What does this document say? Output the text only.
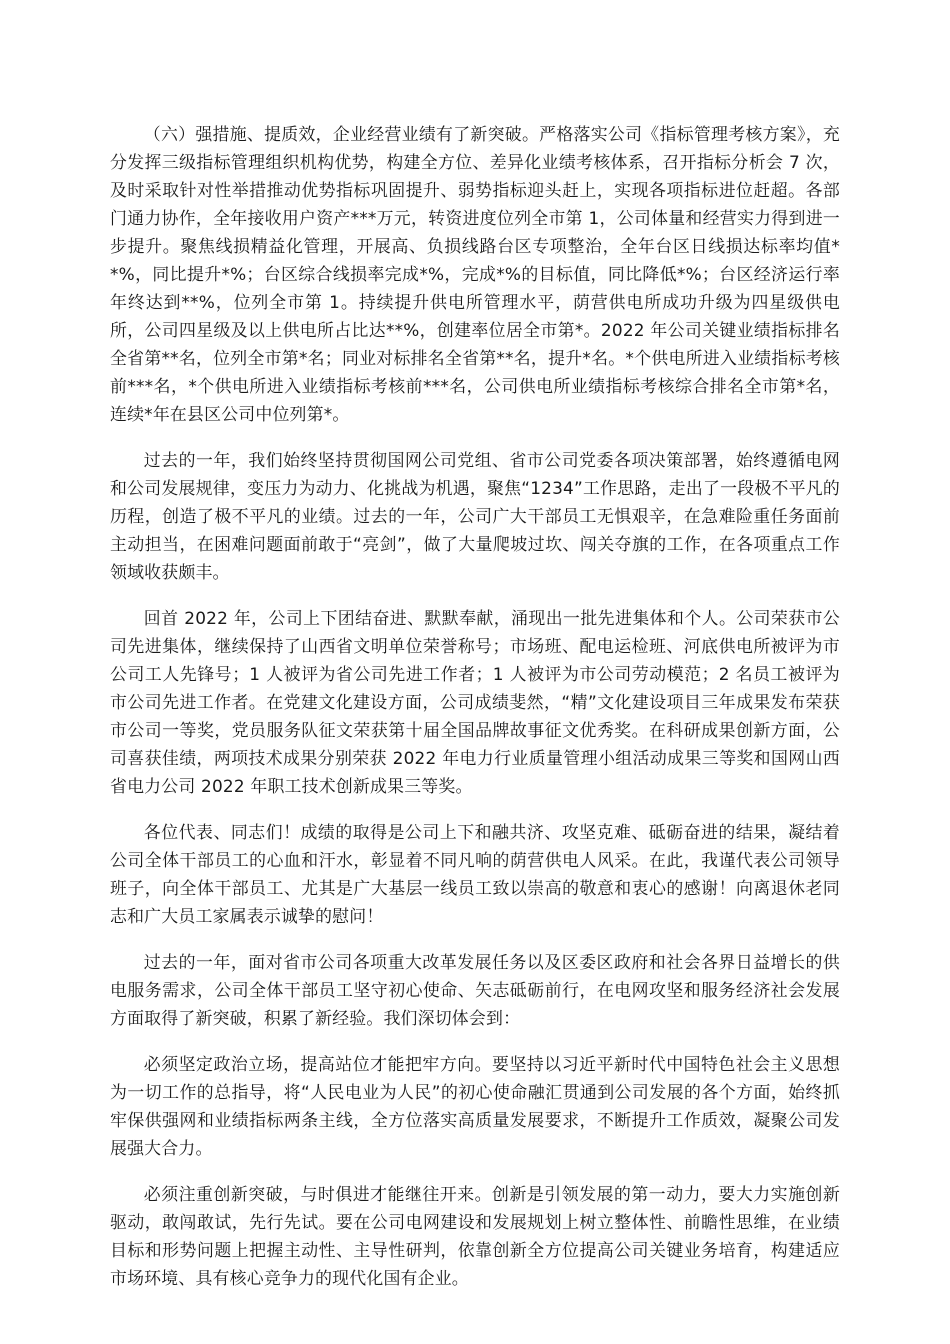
（六）强措施、提质效，企业经营业绩有了新突破。严格落实公司《指标管理考核方案》，充分发挥三级指标管理组织机构优势，构建全方位、差异化业绩考核体系，召开指标分析会 7 次，及时采取针对性举措推动优势指标巩固提升、弱势指标迎头赶上，实现各项指标进位赶超。各部门通力协作，全年接收用户资产***万元，转资进度位列全市第 1，公司体量和经营实力得到进一步提升。聚焦线损精益化管理，开展高、负损线路台区专项整治，全年台区日线损达标率均值**%，同比提升*%；台区综合线损率完成*%，完成*%的目标值，同比降低*%；台区经济运行率年终达到**%，位列全市第 1。持续提升供电所管理水平，荫营供电所成功升级为四星级供电所，公司四星级及以上供电所占比达**%，创建率位居全市第*。2022 年公司关键业绩指标排名全省第**名，位列全市第*名；同业对标排名全省第**名，提升*名。*个供电所进入业绩指标考核前***名，*个供电所进入业绩指标考核前***名，公司供电所业绩指标考核综合排名全市第*名，连续*年在县区公司中位列第*。

过去的一年，我们始终坚持贯彻国网公司党组、省市公司党委各项决策部署，始终遵循电网和公司发展规律，变压力为动力、化挑战为机遇，聚焦“1234”工作思路，走出了一段极不平凡的历程，创造了极不平凡的业绩。过去的一年，公司广大干部员工无惧艰辛，在急难险重任务面前主动担当，在困难问题面前敢于“亮剑”，做了大量爬坡过坎、闯关夺旗的工作，在各项重点工作领域收获颇丰。

回首 2022 年，公司上下团结奋进、默默奉献，涌现出一批先进集体和个人。公司荣获市公司先进集体，继续保持了山西省文明单位荣誉称号；市场班、配电运检班、河底供电所被评为市公司工人先锋号；1 人被评为省公司先进工作者；1 人被评为市公司劳动模范；2 名员工被评为市公司先进工作者。在党建文化建设方面，公司成绩斐然，“精”文化建设项目三年成果发布荣获市公司一等奖，党员服务队征文荣获第十届全国品牌故事征文优秀奖。在科研成果创新方面，公司喜获佳绩，两项技术成果分别荣获 2022 年电力行业质量管理小组活动成果三等奖和国网山西省电力公司 2022 年职工技术创新成果三等奖。

各位代表、同志们！成绩的取得是公司上下和融共济、攻坚克难、砥砺奋进的结果，凝结着公司全体干部员工的心血和汗水，彰显着不同凡响的荫营供电人风采。在此，我谨代表公司领导班子，向全体干部员工、尤其是广大基层一线员工致以崇高的敬意和衷心的感谢！向离退休老同志和广大员工家属表示诚挚的慰问！

过去的一年，面对省市公司各项重大改革发展任务以及区委区政府和社会各界日益增长的供电服务需求，公司全体干部员工坚守初心使命、矢志砥砺前行，在电网攻坚和服务经济社会发展方面取得了新突破，积累了新经验。我们深切体会到：

必须坚定政治立场，提高站位才能把牢方向。要坚持以习近平新时代中国特色社会主义思想为一切工作的总指导，将“人民电业为人民”的初心使命融汇贯通到公司发展的各个方面，始终抓牢保供强网和业绩指标两条主线，全方位落实高质量发展要求，不断提升工作质效，凝聚公司发展强大合力。

必须注重创新突破，与时俱进才能继往开来。创新是引领发展的第一动力，要大力实施创新驱动，敢闯敢试，先行先试。要在公司电网建设和发展规划上树立整体性、前瞻性思维，在业绩目标和形势问题上把握主动性、主导性研判，依靠创新全方位提高公司关键业务培育，构建适应市场环境、具有核心竞争力的现代化国有企业。
